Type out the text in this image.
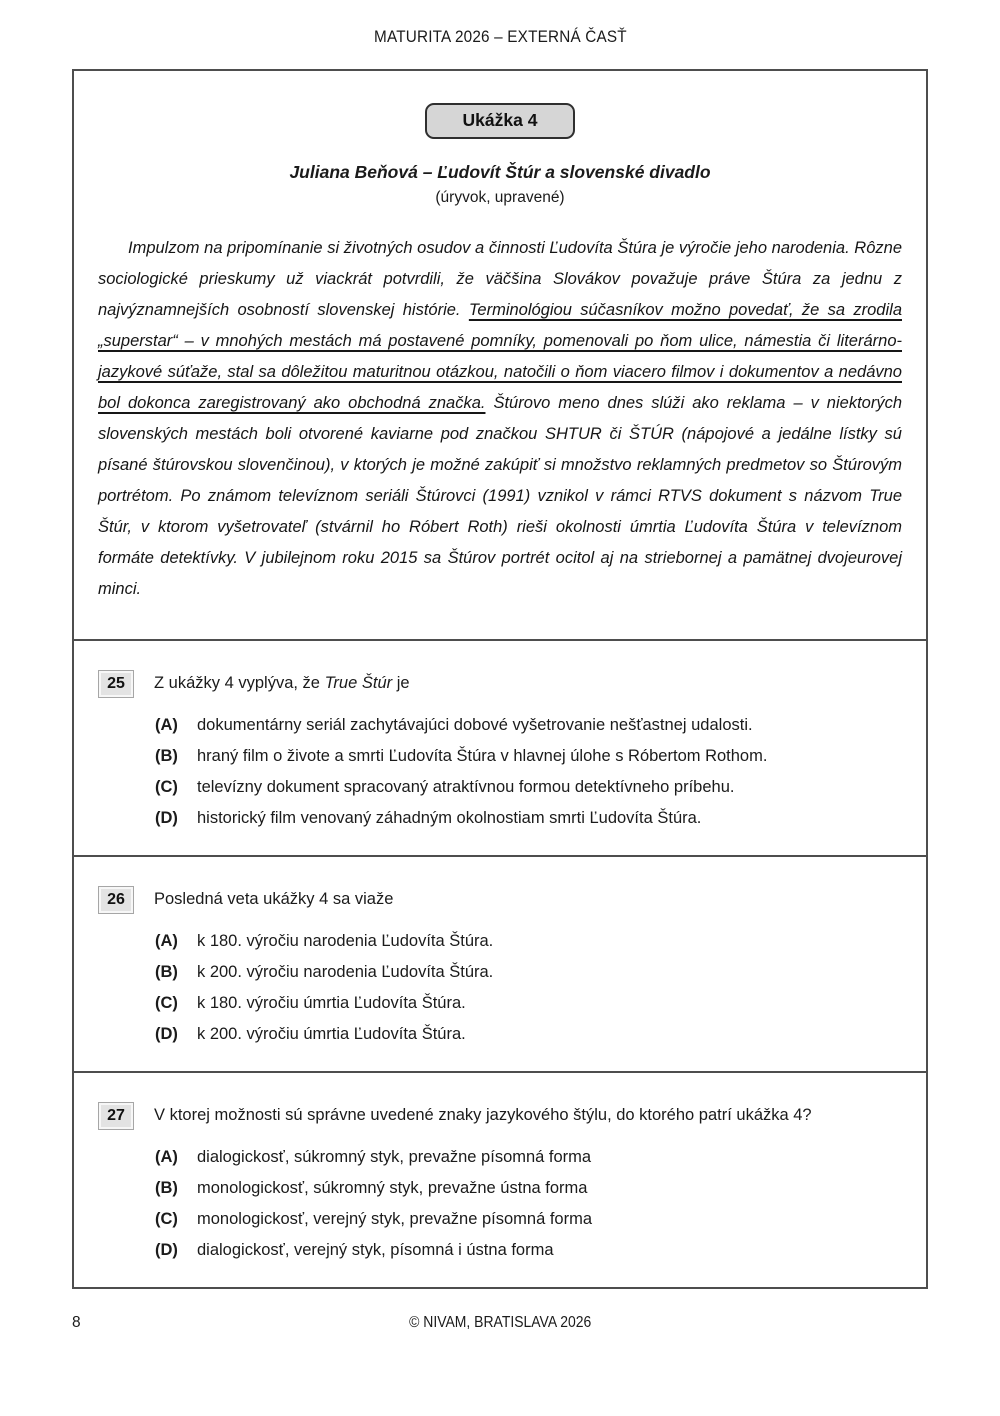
MATURITA 2026 – EXTERNÁ ČASŤ
Ukážka 4
Juliana Beňová – Ľudovít Štúr a slovenské divadlo
(úryvok, upravené)

Impulzom na pripomínanie si životných osudov a činnosti Ľudovíta Štúra je výročie jeho narodenia. Rôzne sociologické prieskumy už viackrát potvrdili, že väčšina Slovákov považuje práve Štúra za jednu z najvýznamnejších osobností slovenskej histórie. Terminológiou súčasníkov možno povedať, že sa zrodila „superstar“ – v mnohých mestách má postavené pomníky, pomenovali po ňom ulice, námestia či literárno-jazykové súťaže, stal sa dôležitou maturitnou otázkou, natočili o ňom viacero filmov i dokumentov a nedávno bol dokonca zaregistrovaný ako obchodná značka. Štúrovo meno dnes slúži ako reklama – v niektorých slovenských mestách boli otvorené kaviarne pod značkou SHTUR či ŠTÚR (nápojové a jedálne lístky sú písané štúrovskou slovenčinou), v ktorých je možné zakúpiť si množstvo reklamných predmetov so Štúrovým portrétom. Po známom televíznom seriáli Štúrovci (1991) vznikol v rámci RTVS dokument s názvom True Štúr, v ktorom vyšetrovateľ (stvárnil ho Róbert Roth) rieši okolnosti úmrtia Ľudovíta Štúra v televíznom formáte detektívky. V jubilejnom roku 2015 sa Štúrov portrét ocitol aj na striebornej a pamätnej dvojeurovej minci.

25	Z ukážky 4 vyplýva, že True Štúr je
(A)	dokumentárny seriál zachytávajúci dobové vyšetrovanie nešťastnej udalosti.
(B)	hraný film o živote a smrti Ľudovíta Štúra v hlavnej úlohe s Róbertom Rothom.
(C)	televízny dokument spracovaný atraktívnou formou detektívneho príbehu.
(D)	historický film venovaný záhadným okolnostiam smrti Ľudovíta Štúra.
26	Posledná veta ukážky 4 sa viaže
(A)	k 180. výročiu narodenia Ľudovíta Štúra.
(B)	k 200. výročiu narodenia Ľudovíta Štúra.
(C)	k 180. výročiu úmrtia Ľudovíta Štúra.
(D)	k 200. výročiu úmrtia Ľudovíta Štúra.
27	V ktorej možnosti sú správne uvedené znaky jazykového štýlu, do ktorého patrí ukážka 4?
(A)	dialogickosť, súkromný styk, prevažne písomná forma
(B)	monologickosť, súkromný styk, prevažne ústna forma
(C)	monologickosť, verejný styk, prevažne písomná forma
(D)	dialogickosť, verejný styk, písomná i ústna forma
8	© NIVAM, BRATISLAVA 2026
